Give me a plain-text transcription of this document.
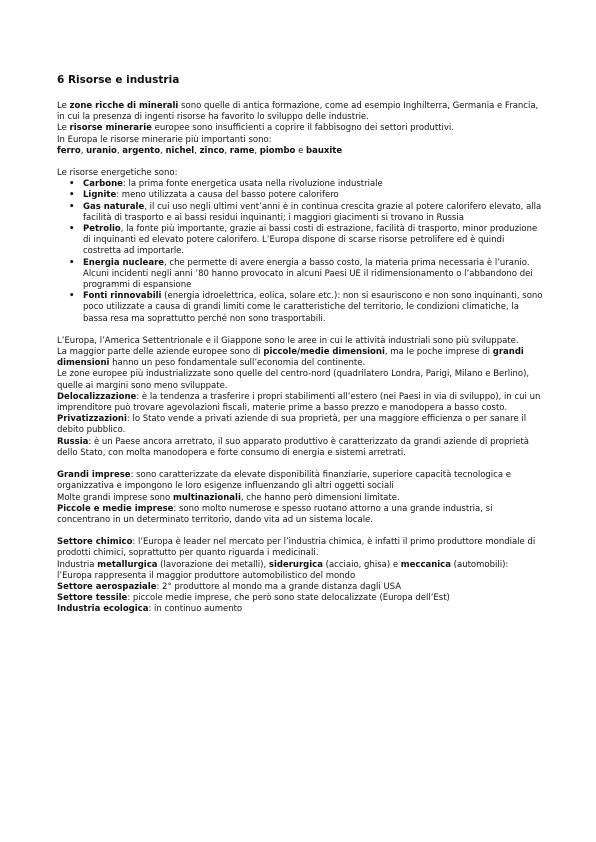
6 Risorse e industria

Le zone ricche di minerali sono quelle di antica formazione, come ad esempio Inghilterra, Germania e Francia, in cui la presenza di ingenti risorse ha favorito lo sviluppo delle industrie.

Le risorse minerarie europee sono insufficienti a coprire il fabbisogno dei settori produttivi.

In Europa le risorse minerarie più importanti sono:

ferro, uranio, argento, nichel, zinco, rame, piombo e bauxite

Le risorse energetiche sono:

• Carbone: la prima fonte energetica usata nella rivoluzione industriale
• Lignite: meno utilizzata a causa del basso potere calorifero
• Gas naturale, il cui uso negli ultimi vent’anni è in continua crescita grazie al potere calorifero elevato, alla facilità di trasporto e ai bassi residui inquinanti; i maggiori giacimenti si trovano in Russia
• Petrolio, la fonte più importante, grazie ai bassi costi di estrazione, facilità di trasporto, minor produzione di inquinanti ed elevato potere calorifero. L’Europa dispone di scarse risorse petrolifere ed è quindi costretta ad importarle.
• Energia nucleare, che permette di avere energia a basso costo, la materia prima necessaria è l’uranio. Alcuni incidenti negli anni ’80 hanno provocato in alcuni Paesi UE il ridimensionamento o l’abbandono dei programmi di espansione
• Fonti rinnovabili (energia idroelettrica, eolica, solare etc.): non si esauriscono e non sono inquinanti, sono poco utilizzate a causa di grandi limiti come le caratteristiche del territorio, le condizioni climatiche, la bassa resa ma soprattutto perché non sono trasportabili.

L’Europa, l’America Settentrionale e il Giappone sono le aree in cui le attività industriali sono più sviluppate.

La maggior parte delle aziende europee sono di piccole/medie dimensioni, ma le poche imprese di grandi dimensioni hanno un peso fondamentale sull’economia del continente.

Le zone europee più industrializzate sono quelle del centro-nord (quadrilatero Londra, Parigi, Milano e Berlino), quelle ai margini sono meno sviluppate.

Delocalizzazione: è la tendenza a trasferire i propri stabilimenti all’estero (nei Paesi in via di sviluppo), in cui un imprenditore può trovare agevolazioni fiscali, materie prime a basso prezzo e manodopera a basso costo.

Privatizzazioni: lo Stato vende a privati aziende di sua proprietà, per una maggiore efficienza o per sanare il debito pubblico.

Russia: è un Paese ancora arretrato, il suo apparato produttivo è caratterizzato da grandi aziende di proprietà dello Stato, con molta manodopera e forte consumo di energia e sistemi arretrati.

Grandi imprese: sono caratterizzate da elevate disponibilità finanziarie, superiore capacità tecnologica e organizzativa e impongono le loro esigenze influenzando gli altri oggetti sociali

Molte grandi imprese sono multinazionali, che hanno però dimensioni limitate.

Piccole e medie imprese: sono molto numerose e spesso ruotano attorno a una grande industria, si concentrano in un determinato territorio, dando vita ad un sistema locale.

Settore chimico: l’Europa è leader nel mercato per l’industria chimica, è infatti il primo produttore mondiale di prodotti chimici, soprattutto per quanto riguarda i medicinali.

Industria metallurgica (lavorazione dei metalli), siderurgica (acciaio, ghisa) e meccanica (automobili): l’Europa rappresenta il maggior produttore automobilistico del mondo

Settore aerospaziale: 2° produttore al mondo ma a grande distanza dagli USA

Settore tessile: piccole medie imprese, che però sono state delocalizzate (Europa dell’Est)

Industria ecologica: in continuo aumento
